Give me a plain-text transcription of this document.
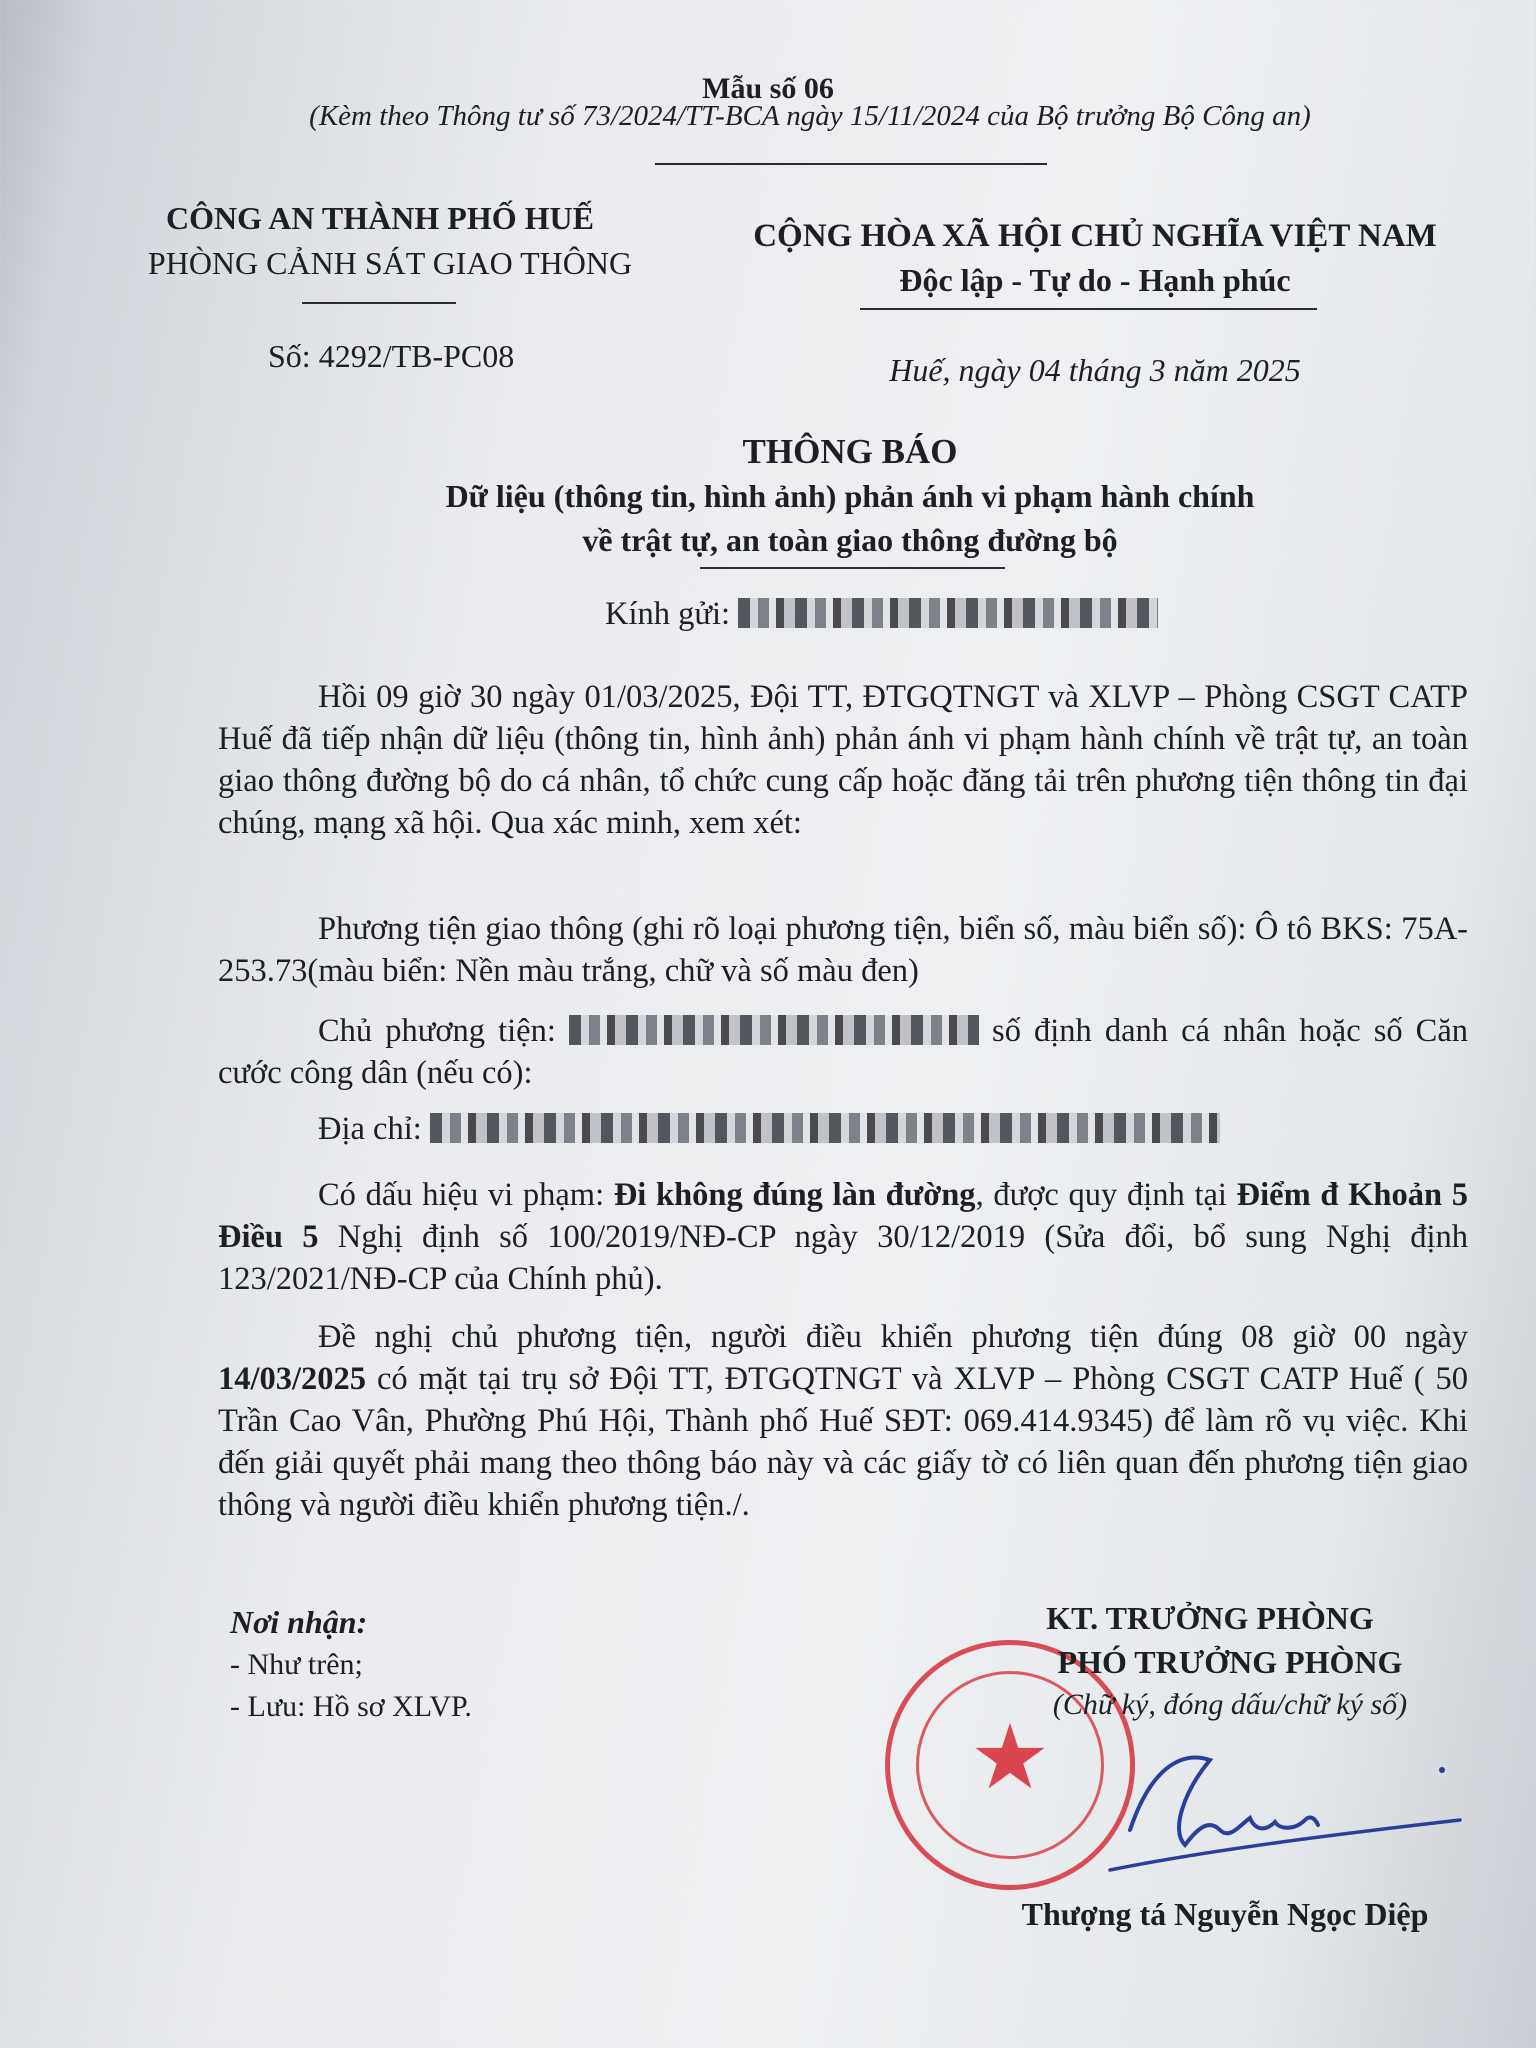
Mẫu số 06
(Kèm theo Thông tư số 73/2024/TT-BCA ngày 15/11/2024 của Bộ trưởng Bộ Công an)
CÔNG AN THÀNH PHỐ HUẾ
PHÒNG CẢNH SÁT GIAO THÔNG
Số: 4292/TB-PC08
CỘNG HÒA XÃ HỘI CHỦ NGHĨA VIỆT NAM
Độc lập - Tự do - Hạnh phúc
Huế, ngày 04 tháng 3 năm 2025
THÔNG BÁO
Dữ liệu (thông tin, hình ảnh) phản ánh vi phạm hành chính
về trật tự, an toàn giao thông đường bộ
Kính gửi:
Hồi 09 giờ 30 ngày 01/03/2025, Đội TT, ĐTGQTNGT và XLVP – Phòng CSGT CATP Huế đã tiếp nhận dữ liệu (thông tin, hình ảnh) phản ánh vi phạm hành chính về trật tự, an toàn giao thông đường bộ do cá nhân, tổ chức cung cấp hoặc đăng tải trên phương tiện thông tin đại chúng, mạng xã hội. Qua xác minh, xem xét:
Phương tiện giao thông (ghi rõ loại phương tiện, biển số, màu biển số): Ô tô BKS: 75A-253.73(màu biển: Nền màu trắng, chữ và số màu đen)
Chủ phương tiện:	số định danh cá nhân hoặc số Căn cước công dân (nếu có):
Địa chỉ:
Có dấu hiệu vi phạm: Đi không đúng làn đường, được quy định tại Điểm đ Khoản 5 Điều 5 Nghị định số 100/2019/NĐ-CP ngày 30/12/2019 (Sửa đổi, bổ sung Nghị định 123/2021/NĐ-CP của Chính phủ).
Đề nghị chủ phương tiện, người điều khiển phương tiện đúng 08 giờ 00 ngày 14/03/2025 có mặt tại trụ sở Đội TT, ĐTGQTNGT và XLVP – Phòng CSGT CATP Huế ( 50 Trần Cao Vân, Phường Phú Hội, Thành phố Huế SĐT: 069.414.9345) để làm rõ vụ việc. Khi đến giải quyết phải mang theo thông báo này và các giấy tờ có liên quan đến phương tiện giao thông và người điều khiển phương tiện./.
Nơi nhận:
- Như trên;
- Lưu: Hồ sơ XLVP.	★
KT. TRƯỞNG PHÒNG
PHÓ TRƯỞNG PHÒNG
(Chữ ký, đóng dấu/chữ ký số)
Thượng tá Nguyễn Ngọc Diệp
